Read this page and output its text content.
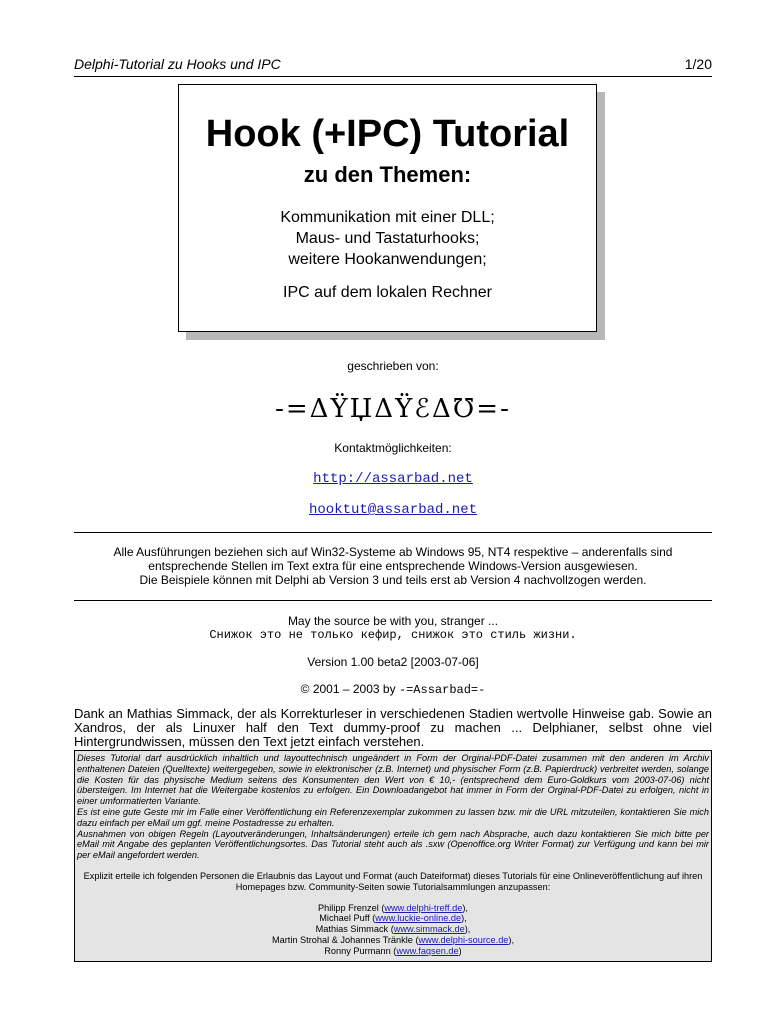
Delphi-Tutorial zu Hooks und IPC	1/20
Hook (+IPC) Tutorial
zu den Themen:
Kommunikation mit einer DLL;
Maus- und Tastaturhooks;
weitere Hookanwendungen;
IPC auf dem lokalen Rechner
geschrieben von:
-=ΔΫЏΔΫℰΔ℧=-
Kontaktmöglichkeiten:
http://assarbad.net
hooktut@assarbad.net
Alle Ausführungen beziehen sich auf Win32-Systeme ab Windows 95, NT4 respektive – anderenfalls sind
entsprechende Stellen im Text extra für eine entsprechende Windows-Version ausgewiesen.
Die Beispiele können mit Delphi ab Version 3 und teils erst ab Version 4 nachvollzogen werden.
May the source be with you, stranger ...
Снижок это не только кефир, снижок это стиль жизни.
Version 1.00 beta2 [2003-07-06]
© 2001 – 2003 by -=Assarbad=-
Dank an Mathias Simmack, der als Korrekturleser in verschiedenen Stadien wertvolle Hinweise gab. Sowie an Xandros, der als Linuxer half den Text dummy-proof zu machen ... Delphianer, selbst ohne viel Hintergrundwissen, müssen den Text jetzt einfach verstehen.
Dieses Tutorial darf ausdrücklich inhaltlich und layouttechnisch ungeändert in Form der Orginal-PDF-Datei zusammen mit den anderen im Archiv enthaltenen Dateien (Quelltexte) weitergegeben, sowie in elektronischer (z.B. Internet) und physischer Form (z.B. Papierdruck) verbreitet werden, solange die Kosten für das physische Medium seitens des Konsumenten den Wert von € 10,- (entsprechend dem Euro-Goldkurs vom 2003-07-06) nicht übersteigen. Im Internet hat die Weitergabe kostenlos zu erfolgen. Ein Downloadangebot hat immer in Form der Orginal-PDF-Datei zu erfolgen, nicht in einer umformatierten Variante.
Es ist eine gute Geste mir im Falle einer Veröffentlichung ein Referenzexemplar zukommen zu lassen bzw. mir die URL mitzuteilen, kontaktieren Sie mich dazu einfach per eMail um ggf. meine Postadresse zu erhalten.
Ausnahmen von obigen Regeln (Layoutveränderungen, Inhaltsänderungen) erteile ich gern nach Absprache, auch dazu kontaktieren Sie mich bitte per eMail mit Angabe des geplanten Veröffentlichungsortes. Das Tutorial steht auch als .sxw (Openoffice.org Writer Format) zur Verfügung und kann bei mir per eMail angefordert werden.
Explizit erteile ich folgenden Personen die Erlaubnis das Layout und Format (auch Dateiformat) dieses Tutorials für eine Onlineveröffentlichung auf ihren Homepages bzw. Community-Seiten sowie Tutorialsammlungen anzupassen:
Philipp Frenzel (www.delphi-treff.de),
Michael Puff (www.luckie-online.de),
Mathias Simmack (www.simmack.de),
Martin Strohal & Johannes Tränkle (www.delphi-source.de),
Ronny Purmann (www.faqsen.de)
